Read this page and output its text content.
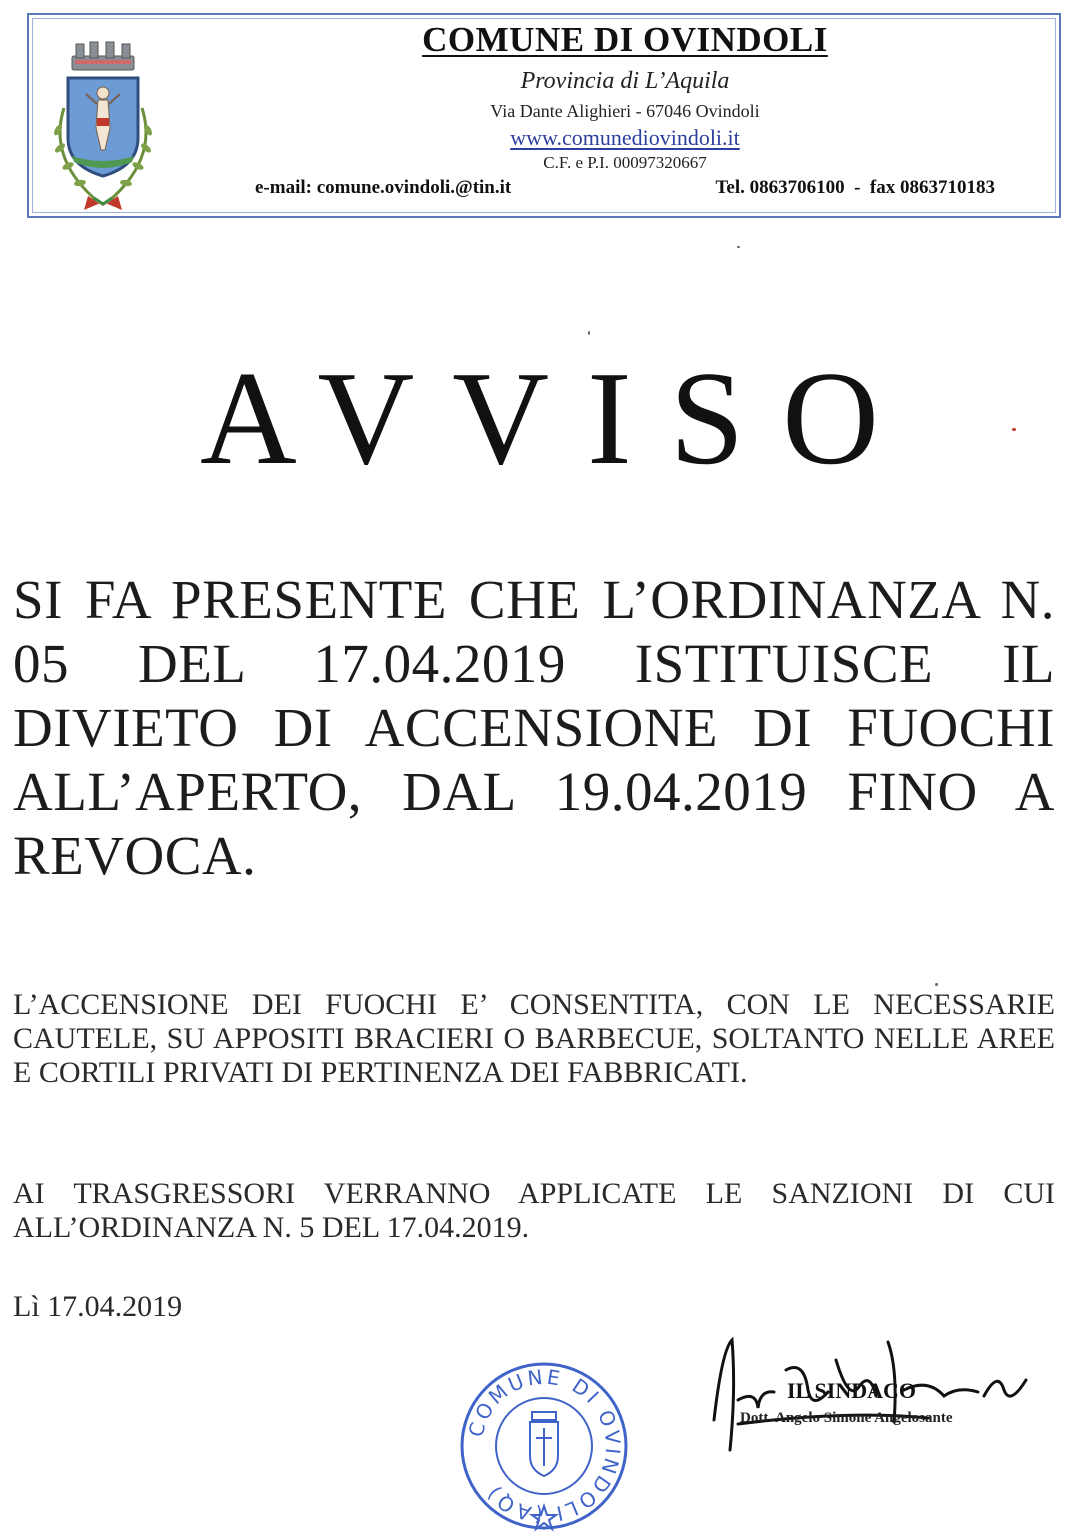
COMUNE DI OVINDOLI
Provincia di L’Aquila
Via Dante Alighieri - 67046 Ovindoli
www.comunediovindoli.it
C.F. e P.I. 00097320667
e-mail: comune.ovindoli.@tin.it	Tel. 0863706100 - fax 0863710183
AVVISO
SI FA PRESENTE CHE L’ORDINANZA N. 05 DEL 17.04.2019 ISTITUISCE IL DIVIETO DI ACCENSIONE DI FUOCHI ALL’APERTO, DAL 19.04.2019 FINO A REVOCA.
L’ACCENSIONE DEI FUOCHI E’ CONSENTITA, CON LE NECESSARIE CAUTELE, SU APPOSITI BRACIERI O BARBECUE, SOLTANTO NELLE AREE E CORTILI PRIVATI DI PERTINENZA DEI FABBRICATI.
AI TRASGRESSORI VERRANNO APPLICATE LE SANZIONI DI CUI ALL’ORDINANZA N. 5 DEL 17.04.2019.
Lì 17.04.2019
COMUNE DI OVINDOLI (AQ)
IL SINDACO
Dott. Angelo Simone Angelosante
